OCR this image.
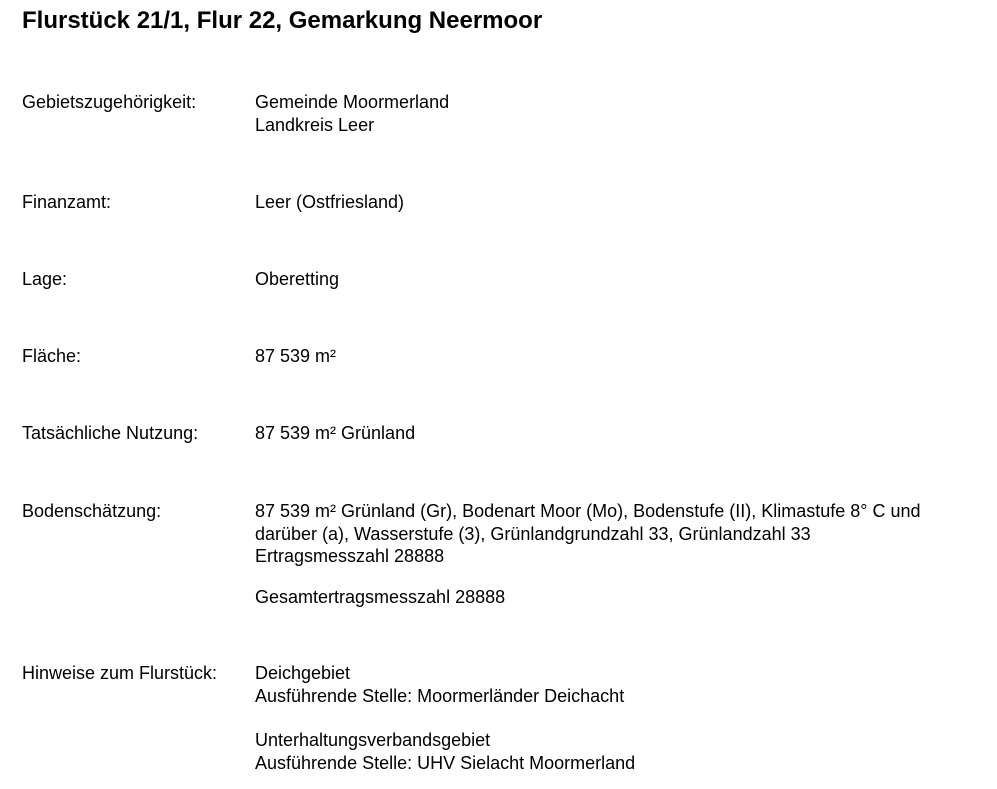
Flurstück 21/1, Flur 22, Gemarkung Neermoor
Gebietszugehörigkeit:	Gemeinde Moormerland
Landkreis Leer
Finanzamt:	Leer (Ostfriesland)
Lage:	Oberetting
Fläche:	87 539 m²
Tatsächliche Nutzung:	87 539 m² Grünland
Bodenschätzung:	87 539 m² Grünland (Gr), Bodenart Moor (Mo), Bodenstufe (II), Klimastufe 8° C und darüber (a), Wasserstufe (3), Grünlandgrundzahl 33, Grünlandzahl 33
Ertragsmesszahl 28888
Gesamtertragsmesszahl 28888
Hinweise zum Flurstück: Deichgebiet
Ausführende Stelle: Moormerländer Deichacht
Unterhaltungsverbandsgebiet
Ausführende Stelle: UHV Sielacht Moormerland
